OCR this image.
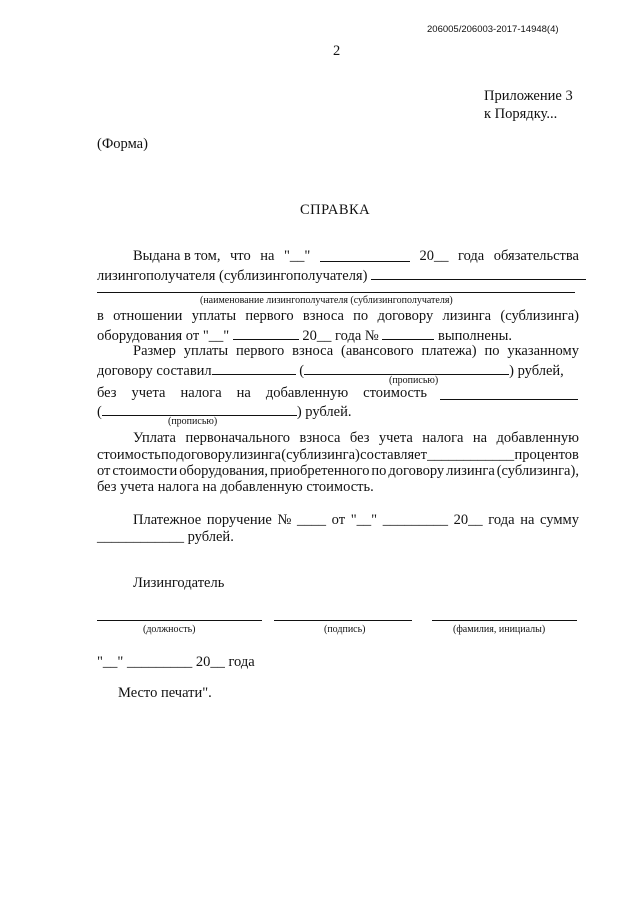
206005/206003-2017-14948(4)
2
Приложение 3
к Порядку...
(Форма)
СПРАВКА
Выдана в том, что на "__"	20__ года обязательства
лизингополучателя (сублизингополучателя)
(наименование лизингополучателя (сублизингополучателя)
в отношении уплаты первого взноса по договору лизинга (сублизинга)
оборудования от "__"	20__ года №	выполнены.
Размер уплаты первого взноса (авансового платежа) по указанному
договору составил	(	) рублей,
(прописью)
без учета налога на добавленную стоимость
(	) рублей.
(прописью)
Уплата первоначального взноса без учета налога на добавленную
стоимость по договору лизинга (сублизинга) составляет ____________ процентов
от стоимости оборудования, приобретенного по договору лизинга (сублизинга),
без учета налога на добавленную стоимость.
Платежное поручение № ____ от "__" _________ 20__ года на сумму
____________ рублей.
Лизингодатель
(должность)	(подпись)	(фамилия, инициалы)
"__" _________ 20__ года
Место печати".
